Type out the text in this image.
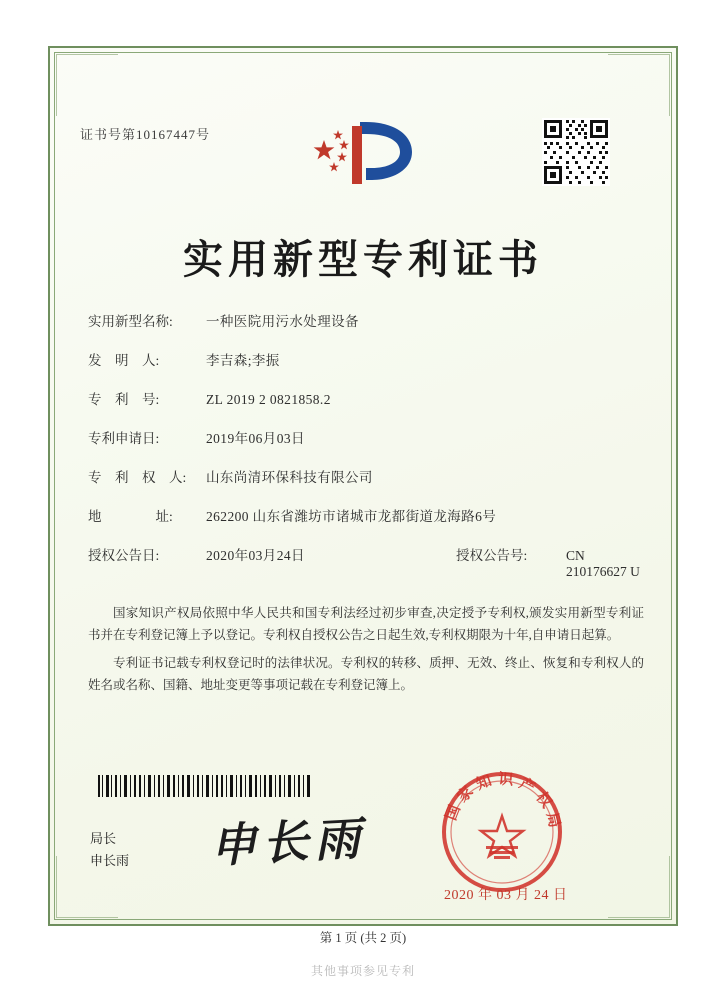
证书号第10167447号
实用新型专利证书
实用新型名称:	一种医院用污水处理设备
发　明　人:	李吉森;李振
专　利　号:	ZL 2019 2 0821858.2
专利申请日:	2019年06月03日
专　利　权　人:	山东尚清环保科技有限公司
地　　　　址:	262200 山东省潍坊市诸城市龙都街道龙海路6号
授权公告日:	2020年03月24日	授权公告号:	CN 210176627 U

国家知识产权局依照中华人民共和国专利法经过初步审查,决定授予专利权,颁发实用新型专利证书并在专利登记簿上予以登记。专利权自授权公告之日起生效,专利权期限为十年,自申请日起算。

专利证书记载专利权登记时的法律状况。专利权的转移、质押、无效、终止、恢复和专利权人的姓名或名称、国籍、地址变更等事项记载在专利登记簿上。

局长
申长雨 申长雨	国 家 知 识 产 权 局
2020 年 03 月 24 日
第 1 页 (共 2 页)
其他事项参见专利
